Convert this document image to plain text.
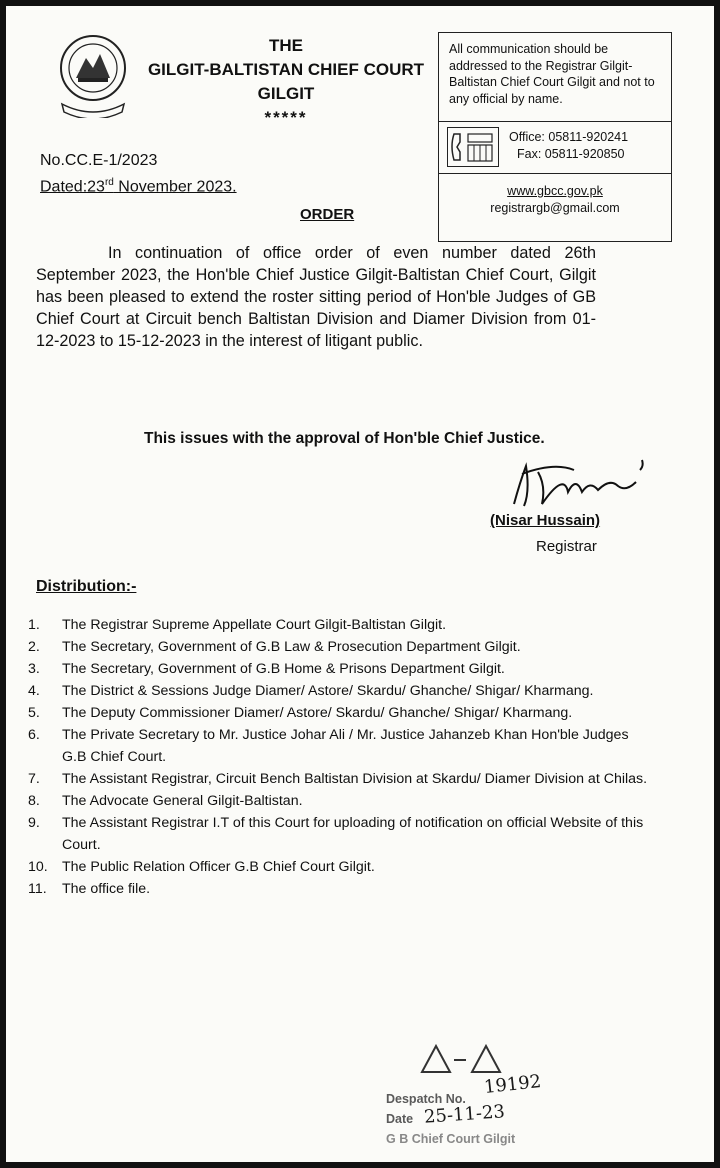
THE
GILGIT-BALTISTAN CHIEF COURT
GILGIT
*****
All communication should be addressed to the Registrar Gilgit-Baltistan Chief Court Gilgit and not to any official by name.
Office: 05811-920241
Fax: 05811-920850
www.gbcc.gov.pk
registrargb@gmail.com
No.CC.E-1/2023
Dated:23rd November 2023.
ORDER
In continuation of office order of even number dated 26th September 2023, the Hon'ble Chief Justice Gilgit-Baltistan Chief Court, Gilgit has been pleased to extend the roster sitting period of Hon'ble Judges of GB Chief Court at Circuit bench Baltistan Division and Diamer Division from 01-12-2023 to 15-12-2023 in the interest of litigant public.
This issues with the approval of Hon'ble Chief Justice.
(Nisar Hussain)
Registrar
Distribution:-
1.	The Registrar Supreme Appellate Court Gilgit-Baltistan Gilgit.
2.	The Secretary, Government of G.B Law & Prosecution Department Gilgit.
3.	The Secretary, Government of G.B Home & Prisons Department Gilgit.
4.	The District & Sessions Judge Diamer/ Astore/ Skardu/ Ghanche/ Shigar/ Kharmang.
5.	The Deputy Commissioner Diamer/ Astore/ Skardu/ Ghanche/ Shigar/ Kharmang.
6.	The Private Secretary to Mr. Justice Johar Ali / Mr. Justice Jahanzeb Khan Hon'ble Judges G.B Chief Court.
7.	The Assistant Registrar, Circuit Bench Baltistan Division at Skardu/ Diamer Division at Chilas.
8.	The Advocate General Gilgit-Baltistan.
9.	The Assistant Registrar I.T of this Court for uploading of notification on official Website of this Court.
10.	The Public Relation Officer G.B Chief Court Gilgit.
11.	The office file.
Despatch No.
19192
Date 25-11-23
G B Chief Court Gilgit
